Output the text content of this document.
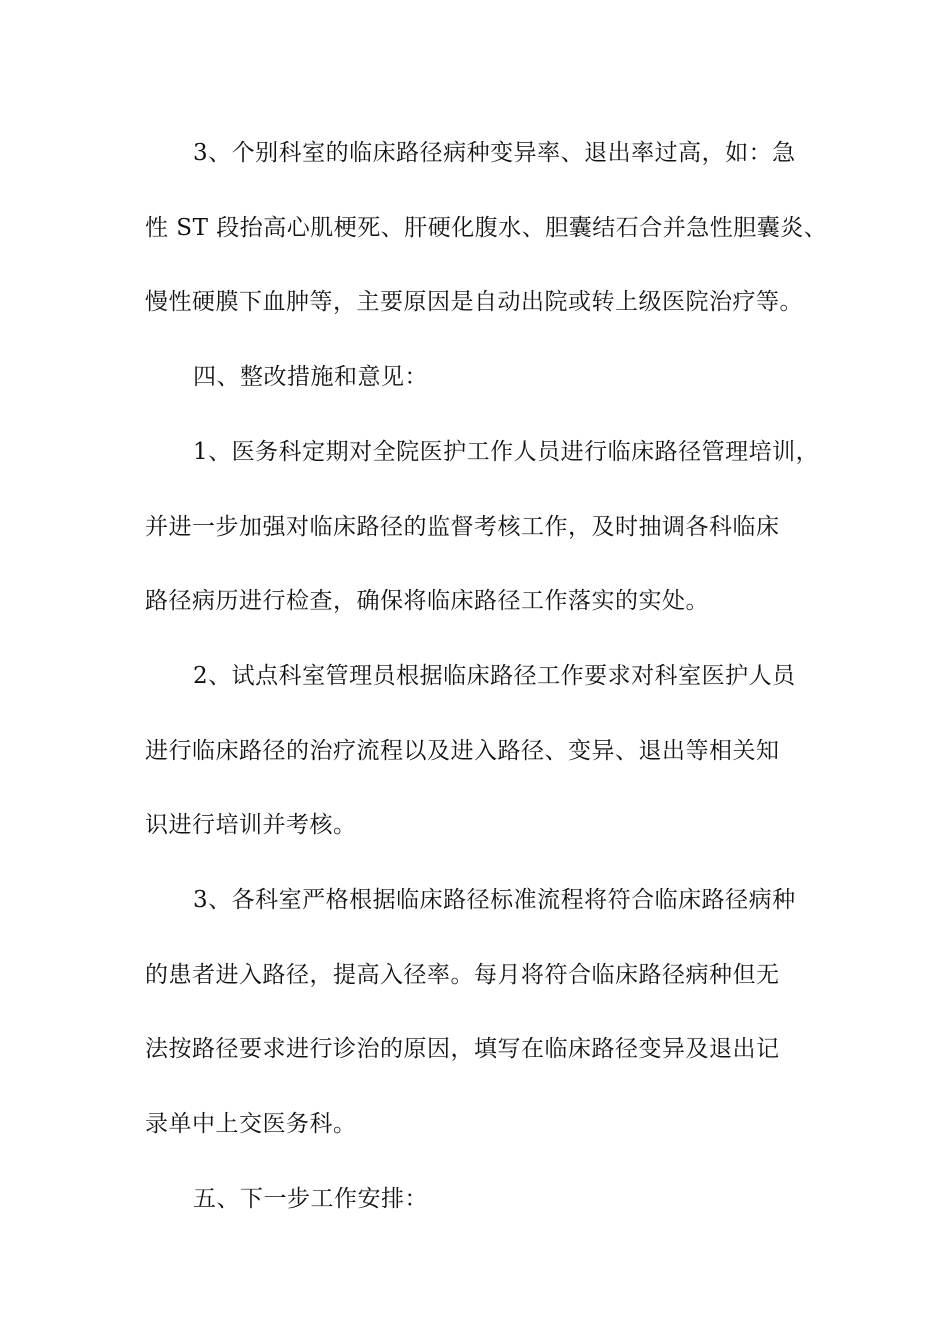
3、个别科室的临床路径病种变异率、退出率过高，如：急
性 ST 段抬高心肌梗死、肝硬化腹水、胆囊结石合并急性胆囊炎、
慢性硬膜下血肿等，主要原因是自动出院或转上级医院治疗等。
四、整改措施和意见：
1、医务科定期对全院医护工作人员进行临床路径管理培训，
并进一步加强对临床路径的监督考核工作，及时抽调各科临床
路径病历进行检查，确保将临床路径工作落实的实处。
2、试点科室管理员根据临床路径工作要求对科室医护人员
进行临床路径的治疗流程以及进入路径、变异、退出等相关知
识进行培训并考核。
3、各科室严格根据临床路径标准流程将符合临床路径病种
的患者进入路径，提高入径率。每月将符合临床路径病种但无
法按路径要求进行诊治的原因，填写在临床路径变异及退出记
录单中上交医务科。
五、下一步工作安排：
